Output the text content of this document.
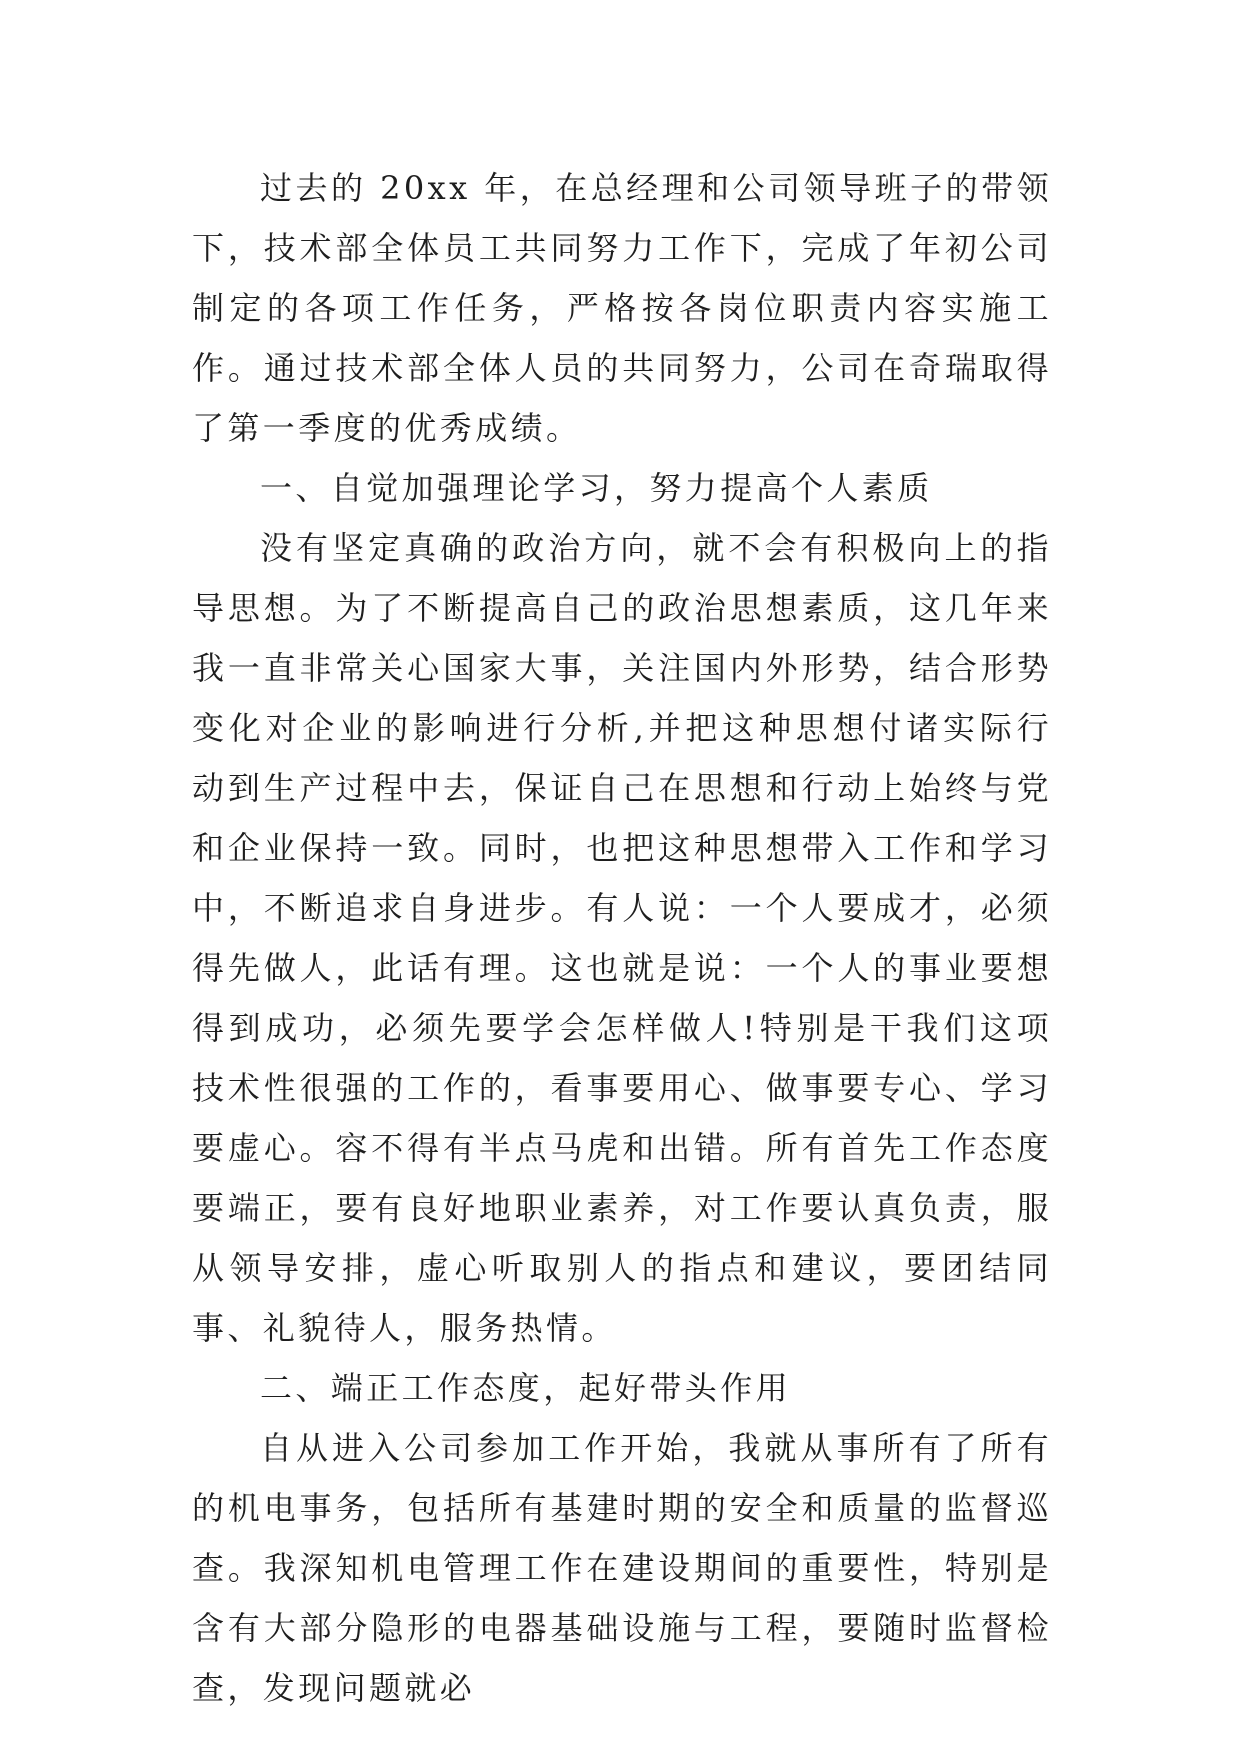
过去的 20xx 年，在总经理和公司领导班子的带领下，技术部全体员工共同努力工作下，完成了年初公司制定的各项工作任务，严格按各岗位职责内容实施工作。通过技术部全体人员的共同努力，公司在奇瑞取得了第一季度的优秀成绩。

一、自觉加强理论学习，努力提高个人素质

没有坚定真确的政治方向，就不会有积极向上的指导思想。为了不断提高自己的政治思想素质，这几年来我一直非常关心国家大事，关注国内外形势，结合形势变化对企业的影响进行分析,并把这种思想付诸实际行动到生产过程中去，保证自己在思想和行动上始终与党和企业保持一致。同时，也把这种思想带入工作和学习中，不断追求自身进步。有人说：一个人要成才，必须得先做人，此话有理。这也就是说：一个人的事业要想得到成功，必须先要学会怎样做人!特别是干我们这项技术性很强的工作的，看事要用心、做事要专心、学习要虚心。容不得有半点马虎和出错。所有首先工作态度要端正，要有良好地职业素养，对工作要认真负责，服从领导安排，虚心听取别人的指点和建议，要团结同事、礼貌待人，服务热情。

二、端正工作态度，起好带头作用

自从进入公司参加工作开始，我就从事所有了所有的机电事务，包括所有基建时期的安全和质量的监督巡查。我深知机电管理工作在建设期间的重要性，特别是含有大部分隐形的电器基础设施与工程，要随时监督检查，发现问题就必
